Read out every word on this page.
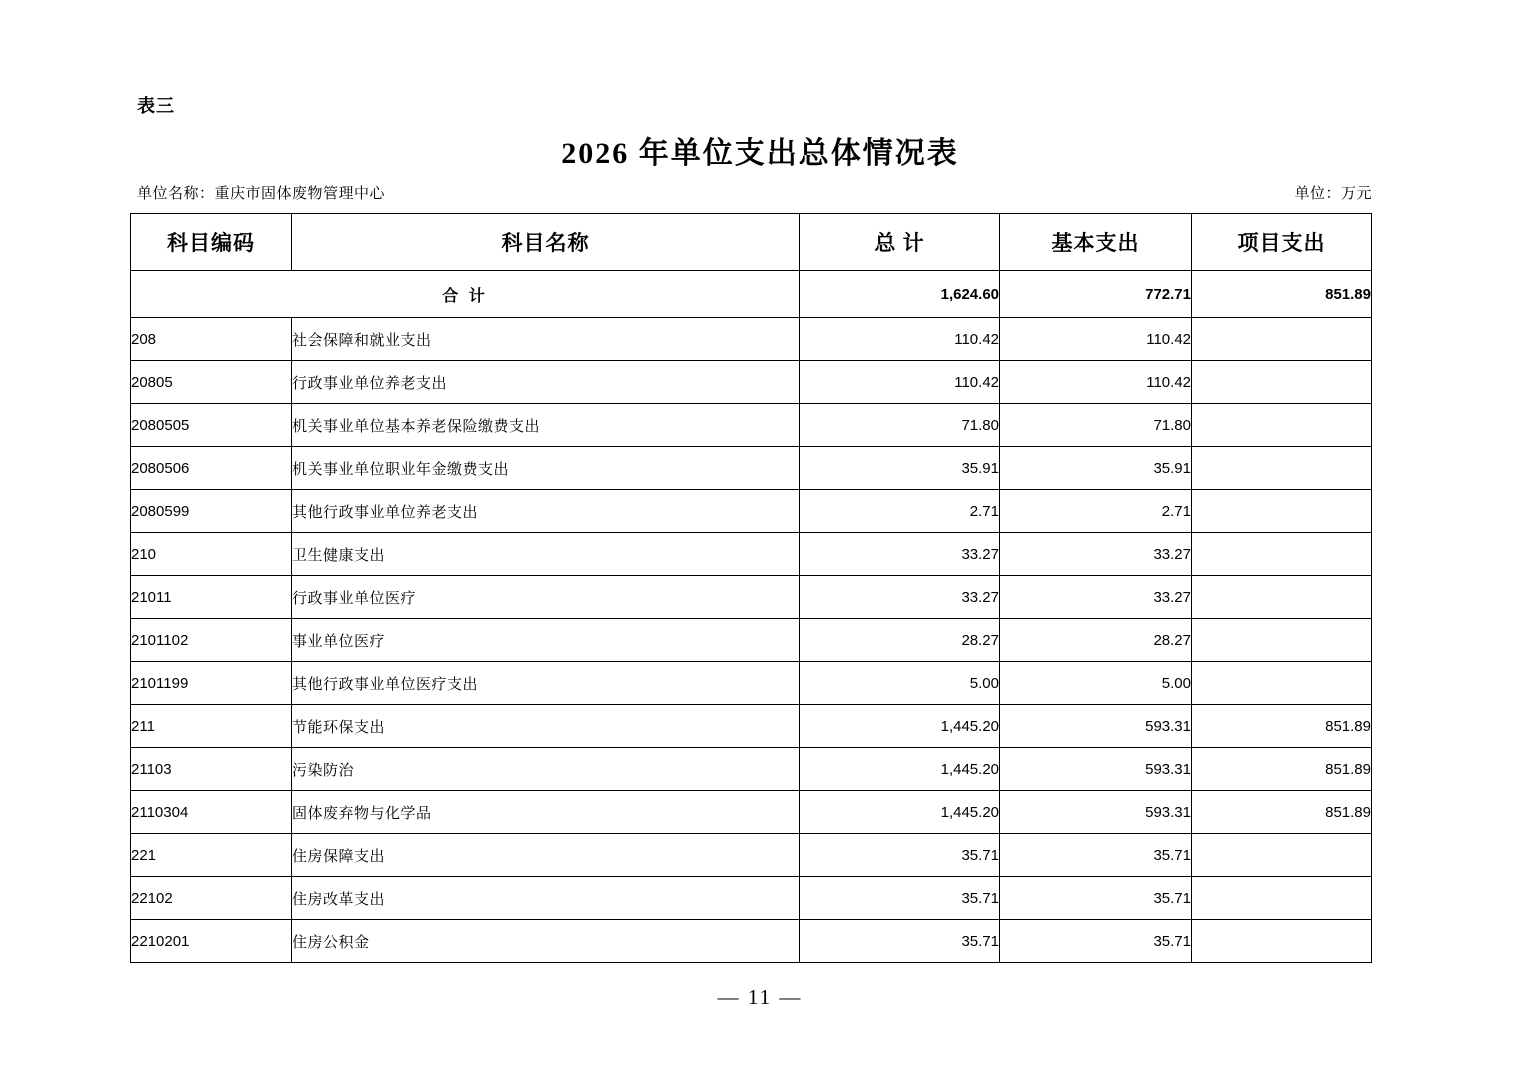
表三
2026 年单位支出总体情况表
单位名称：重庆市固体废物管理中心	单位：万元
科目编码	科目名称	总 计	基本支出	项目支出
合 计		1,624.60	772.71	851.89
208	社会保障和就业支出	110.42	110.42	
20805	行政事业单位养老支出	110.42	110.42	
2080505	机关事业单位基本养老保险缴费支出	71.80	71.80	
2080506	机关事业单位职业年金缴费支出	35.91	35.91	
2080599	其他行政事业单位养老支出	2.71	2.71	
210	卫生健康支出	33.27	33.27	
21011	行政事业单位医疗	33.27	33.27	
2101102	事业单位医疗	28.27	28.27	
2101199	其他行政事业单位医疗支出	5.00	5.00	
211	节能环保支出	1,445.20	593.31	851.89
21103	污染防治	1,445.20	593.31	851.89
2110304	固体废弃物与化学品	1,445.20	593.31	851.89
221	住房保障支出	35.71	35.71	
22102	住房改革支出	35.71	35.71	
2210201	住房公积金	35.71	35.71	
— 11 —
